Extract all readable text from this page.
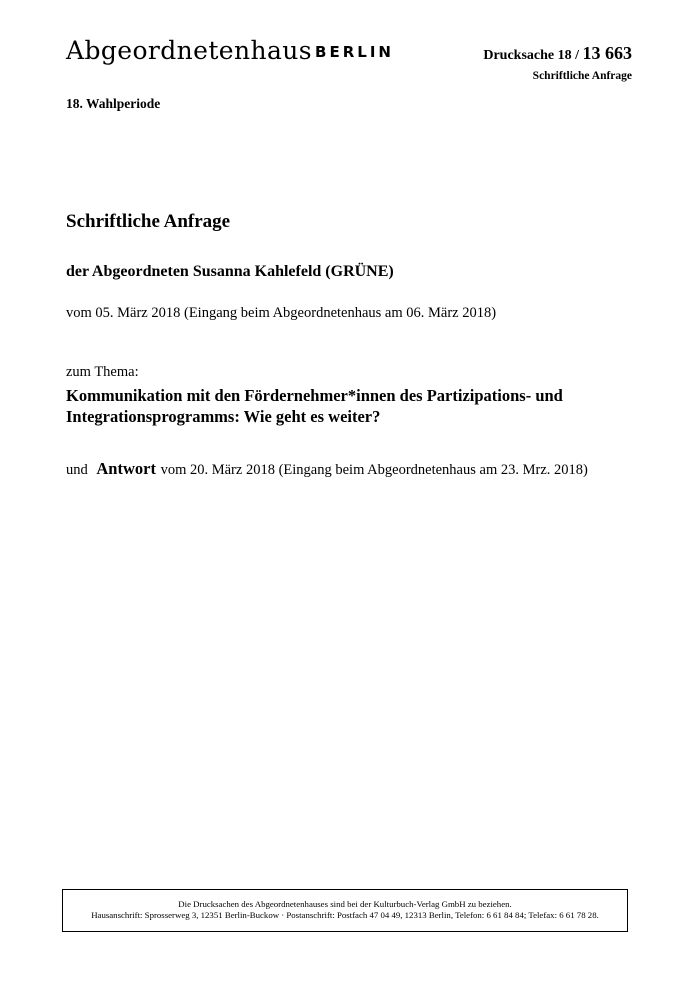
Abgeordnetenhaus BERLIN	Drucksache 18 / 13 663
Schriftliche Anfrage
18. Wahlperiode
Schriftliche Anfrage
der Abgeordneten Susanna Kahlefeld (GRÜNE)
vom 05. März 2018 (Eingang beim Abgeordnetenhaus am 06. März 2018)
zum Thema:
Kommunikation mit den Fördernehmer*innen des Partizipations- und Integrationsprogramms: Wie geht es weiter?
und Antwort vom 20. März 2018 (Eingang beim Abgeordnetenhaus am 23. Mrz. 2018)
Die Drucksachen des Abgeordnetenhauses sind bei der Kulturbuch-Verlag GmbH zu beziehen.
Hausanschrift: Sprosserweg 3, 12351 Berlin-Buckow · Postanschrift: Postfach 47 04 49, 12313 Berlin, Telefon: 6 61 84 84; Telefax: 6 61 78 28.
